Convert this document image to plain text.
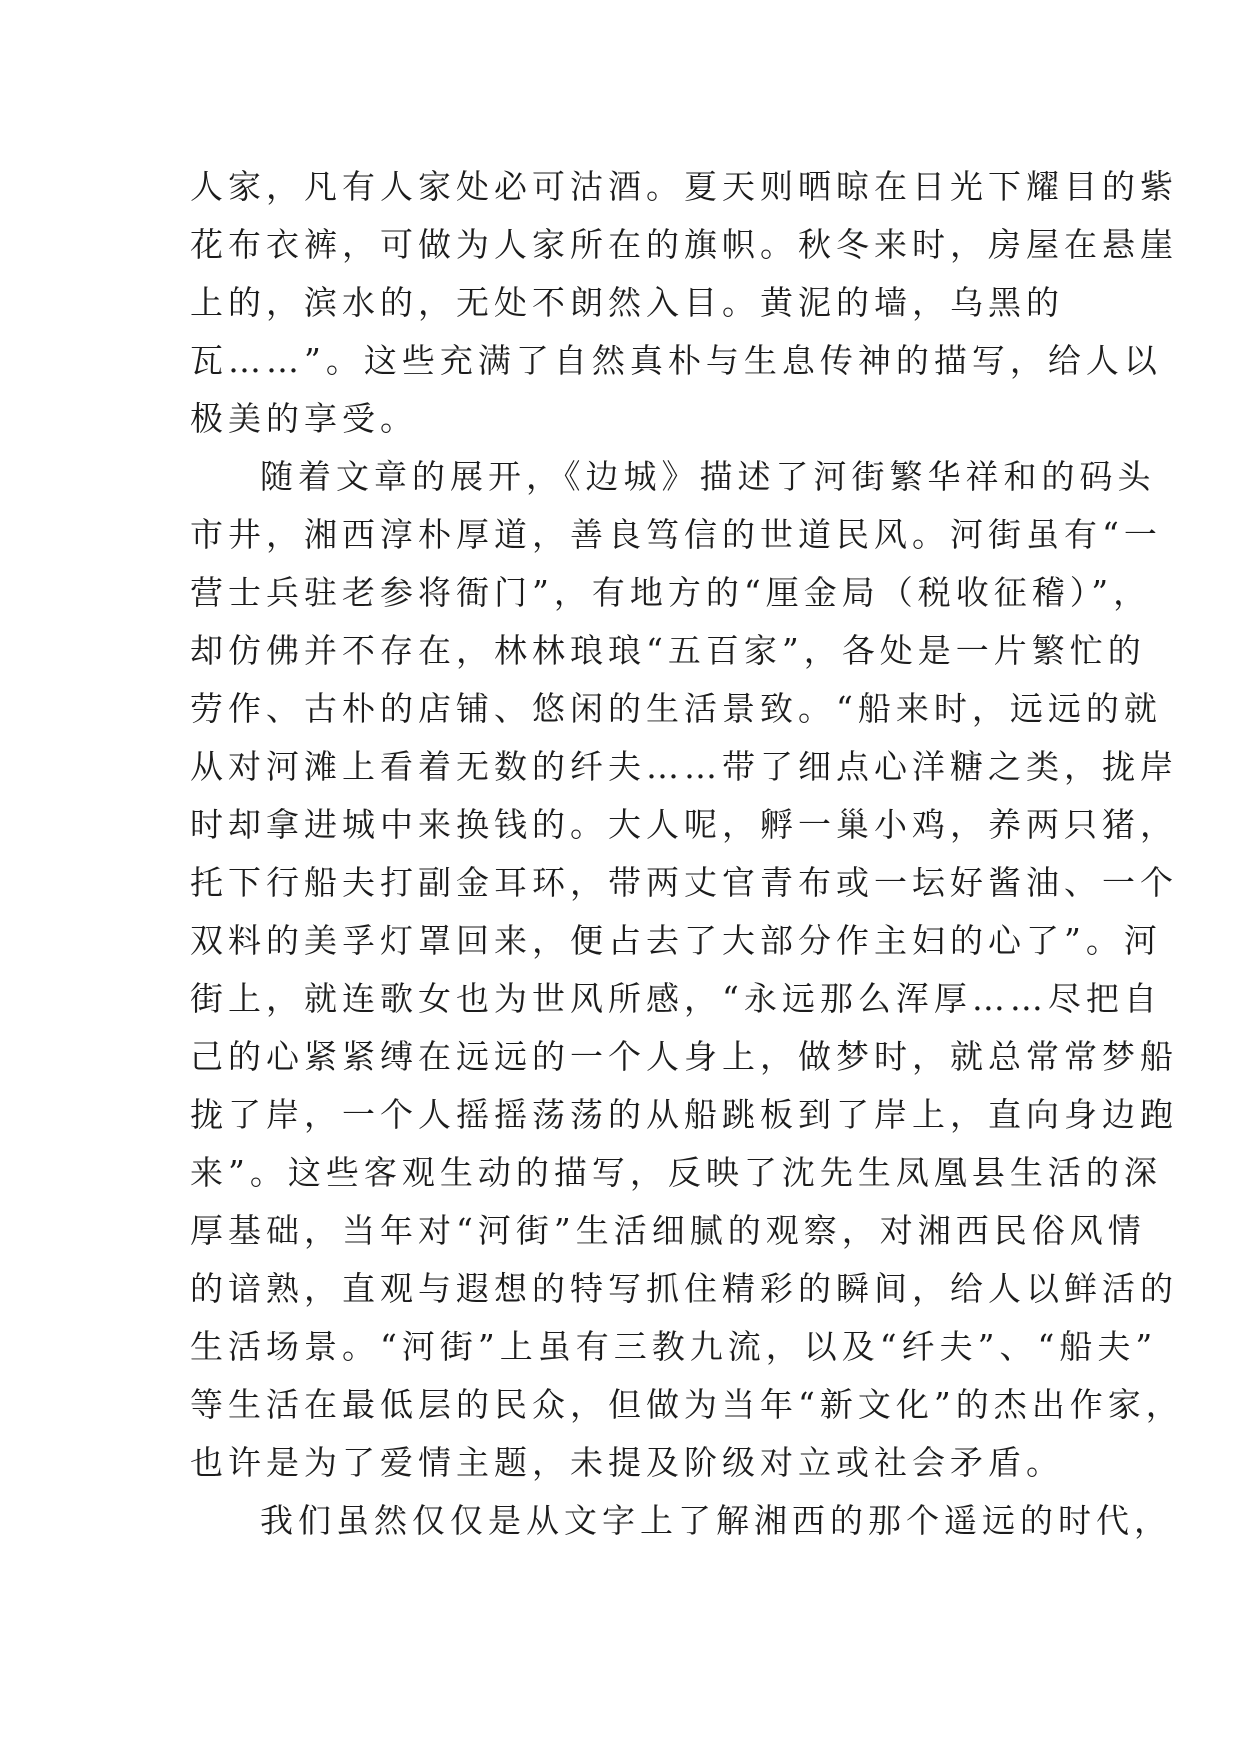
人家，凡有人家处必可沽酒。夏天则晒晾在日光下耀目的紫
花布衣裤，可做为人家所在的旗帜。秋冬来时，房屋在悬崖
上的，滨水的，无处不朗然入目。黄泥的墙，乌黑的
瓦……”。这些充满了自然真朴与生息传神的描写，给人以
极美的享受。
随着文章的展开，《边城》描述了河街繁华祥和的码头
市井，湘西淳朴厚道，善良笃信的世道民风。河街虽有“一
营士兵驻老参将衙门”，有地方的“厘金局（税收征稽）”，
却仿佛并不存在，林林琅琅“五百家”，各处是一片繁忙的
劳作、古朴的店铺、悠闲的生活景致。“船来时，远远的就
从对河滩上看着无数的纤夫……带了细点心洋糖之类，拢岸
时却拿进城中来换钱的。大人呢，孵一巢小鸡，养两只猪，
托下行船夫打副金耳环，带两丈官青布或一坛好酱油、一个
双料的美孚灯罩回来，便占去了大部分作主妇的心了”。河
街上，就连歌女也为世风所感，“永远那么浑厚……尽把自
己的心紧紧缚在远远的一个人身上，做梦时，就总常常梦船
拢了岸，一个人摇摇荡荡的从船跳板到了岸上，直向身边跑
来”。这些客观生动的描写，反映了沈先生凤凰县生活的深
厚基础，当年对“河街”生活细腻的观察，对湘西民俗风情
的谙熟，直观与遐想的特写抓住精彩的瞬间，给人以鲜活的
生活场景。“河街”上虽有三教九流，以及“纤夫”、“船夫”
等生活在最低层的民众，但做为当年“新文化”的杰出作家，
也许是为了爱情主题，未提及阶级对立或社会矛盾。
我们虽然仅仅是从文字上了解湘西的那个遥远的时代，
